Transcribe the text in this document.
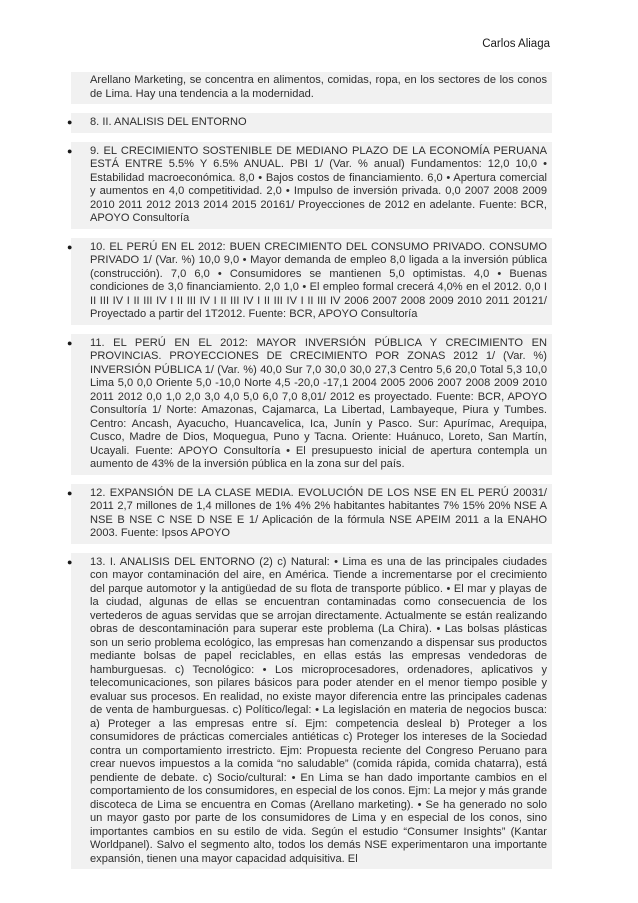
Carlos Aliaga

Arellano Marketing, se concentra en alimentos, comidas, ropa, en los sectores de los conos de Lima. Hay una tendencia a la modernidad.

● 8. II. ANALISIS DEL ENTORNO

● 9. EL CRECIMIENTO SOSTENIBLE DE MEDIANO PLAZO DE LA ECONOMÍA PERUANA ESTÁ ENTRE 5.5% Y 6.5% ANUAL. PBI 1/ (Var. % anual) Fundamentos: 12,0 10,0 • Estabilidad macroeconómica. 8,0 • Bajos costos de financiamiento. 6,0 • Apertura comercial y aumentos en 4,0 competitividad. 2,0 • Impulso de inversión privada. 0,0 2007 2008 2009 2010 2011 2012 2013 2014 2015 20161/ Proyecciones de 2012 en adelante. Fuente: BCR, APOYO Consultoría

● 10. EL PERÚ EN EL 2012: BUEN CRECIMIENTO DEL CONSUMO PRIVADO. CONSUMO PRIVADO 1/ (Var. %) 10,0 9,0 • Mayor demanda de empleo 8,0 ligada a la inversión pública (construcción). 7,0 6,0 • Consumidores se mantienen 5,0 optimistas. 4,0 • Buenas condiciones de 3,0 financiamiento. 2,0 1,0 • El empleo formal crecerá 4,0% en el 2012. 0,0 I II III IV I II III IV I II III IV I II III IV I II III IV I II III IV 2006 2007 2008 2009 2010 2011 20121/ Proyectado a partir del 1T2012. Fuente: BCR, APOYO Consultoría

● 11. EL PERÚ EN EL 2012: MAYOR INVERSIÓN PÚBLICA Y CRECIMIENTO EN PROVINCIAS. PROYECCIONES DE CRECIMIENTO POR ZONAS 2012 1/ (Var. %) INVERSIÓN PÚBLICA 1/ (Var. %) 40,0 Sur 7,0 30,0 30,0 27,3 Centro 5,6 20,0 Total 5,3 10,0 Lima 5,0 0,0 Oriente 5,0 -10,0 Norte 4,5 -20,0 -17,1 2004 2005 2006 2007 2008 2009 2010 2011 2012 0,0 1,0 2,0 3,0 4,0 5,0 6,0 7,0 8,01/ 2012 es proyectado. Fuente: BCR, APOYO Consultoría 1/ Norte: Amazonas, Cajamarca, La Libertad, Lambayeque, Piura y Tumbes. Centro: Ancash, Ayacucho, Huancavelica, Ica, Junín y Pasco. Sur: Apurímac, Arequipa, Cusco, Madre de Dios, Moquegua, Puno y Tacna. Oriente: Huánuco, Loreto, San Martín, Ucayali. Fuente: APOYO Consultoría • El presupuesto inicial de apertura contempla un aumento de 43% de la inversión pública en la zona sur del país.

● 12. EXPANSIÓN DE LA CLASE MEDIA. EVOLUCIÓN DE LOS NSE EN EL PERÚ 20031/ 2011 2,7 millones de 1,4 millones de 1% 4% 2% habitantes habitantes 7% 15% 20% NSE A NSE B NSE C NSE D NSE E 1/ Aplicación de la fórmula NSE APEIM 2011 a la ENAHO 2003. Fuente: Ipsos APOYO

● 13. I. ANALISIS DEL ENTORNO (2) c) Natural: • Lima es una de las principales ciudades con mayor contaminación del aire, en América. Tiende a incrementarse por el crecimiento del parque automotor y la antigüedad de su flota de transporte público. • El mar y playas de la ciudad, algunas de ellas se encuentran contaminadas como consecuencia de los vertederos de aguas servidas que se arrojan directamente. Actualmente se están realizando obras de descontaminación para superar este problema (La Chira). • Las bolsas plásticas son un serio problema ecológico, las empresas han comenzando a dispensar sus productos mediante bolsas de papel reciclables, en ellas estás las empresas vendedoras de hamburguesas. c) Tecnológico: • Los microprocesadores, ordenadores, aplicativos y telecomunicaciones, son pilares básicos para poder atender en el menor tiempo posible y evaluar sus procesos. En realidad, no existe mayor diferencia entre las principales cadenas de venta de hamburguesas. c) Político/legal: • La legislación en materia de negocios busca: a) Proteger a las empresas entre sí. Ejm: competencia desleal b) Proteger a los consumidores de prácticas comerciales antiéticas c) Proteger los intereses de la Sociedad contra un comportamiento irrestricto. Ejm: Propuesta reciente del Congreso Peruano para crear nuevos impuestos a la comida “no saludable” (comida rápida, comida chatarra), está pendiente de debate. c) Socio/cultural: • En Lima se han dado importante cambios en el comportamiento de los consumidores, en especial de los conos. Ejm: La mejor y más grande discoteca de Lima se encuentra en Comas (Arellano marketing). • Se ha generado no solo un mayor gasto por parte de los consumidores de Lima y en especial de los conos, sino importantes cambios en su estilo de vida. Según el estudio “Consumer Insights” (Kantar Worldpanel). Salvo el segmento alto, todos los demás NSE experimentaron una importante expansión, tienen una mayor capacidad adquisitiva. El
